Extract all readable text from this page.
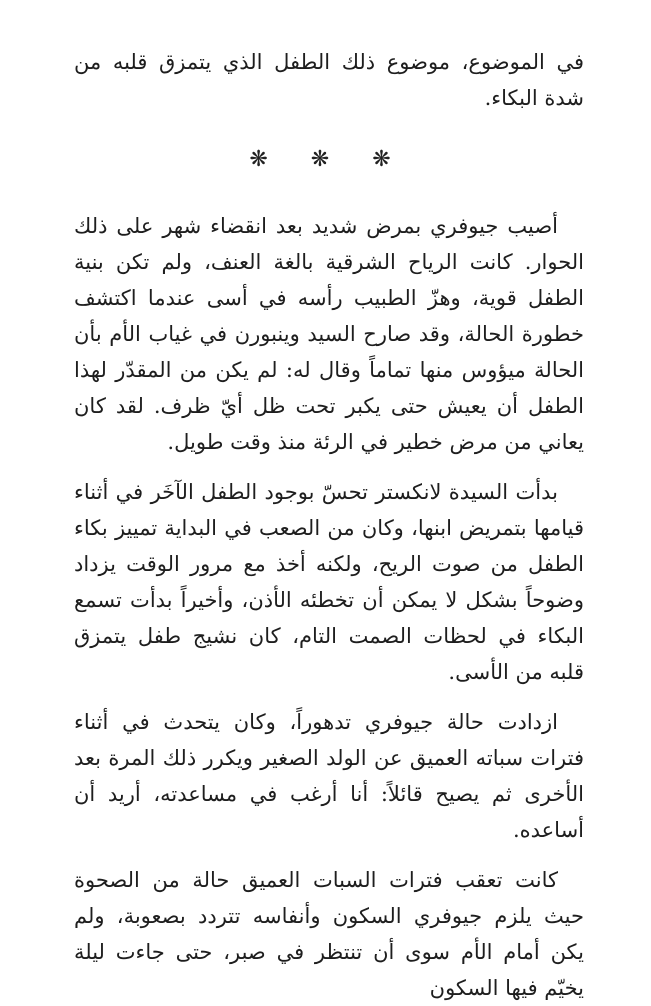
في الموضوع، موضوع ذلك الطفل الذي يتمزق قلبه من شدة البكاء.

❋ ❋ ❋

أصيب جيوفري بمرض شديد بعد انقضاء شهر على ذلك الحوار. كانت الرياح الشرقية بالغة العنف، ولم تكن بنية الطفل قوية، وهزّ الطبيب رأسه في أسى عندما اكتشف خطورة الحالة، وقد صارح السيد وينبورن في غياب الأم بأن الحالة ميؤوس منها تماماً وقال له: لم يكن من المقدّر لهذا الطفل أن يعيش حتى يكبر تحت ظل أيّ ظرف. لقد كان يعاني من مرض خطير في الرئة منذ وقت طويل.

بدأت السيدة لانكستر تحسّ بوجود الطفل الآخَر في أثناء قيامها بتمريض ابنها، وكان من الصعب في البداية تمييز بكاء الطفل من صوت الريح، ولكنه أخذ مع مرور الوقت يزداد وضوحاً بشكل لا يمكن أن تخطئه الأذن، وأخيراً بدأت تسمع البكاء في لحظات الصمت التام، كان نشيج طفل يتمزق قلبه من الأسى.

ازدادت حالة جيوفري تدهوراً، وكان يتحدث في أثناء فترات سباته العميق عن الولد الصغير ويكرر ذلك المرة بعد الأخرى ثم يصيح قائلاً: أنا أرغب في مساعدته، أريد أن أساعده.

كانت تعقب فترات السبات العميق حالة من الصحوة حيث يلزم جيوفري السكون وأنفاسه تتردد بصعوبة، ولم يكن أمام الأم سوى أن تنتظر في صبر، حتى جاءت ليلة يخيّم فيها السكون
